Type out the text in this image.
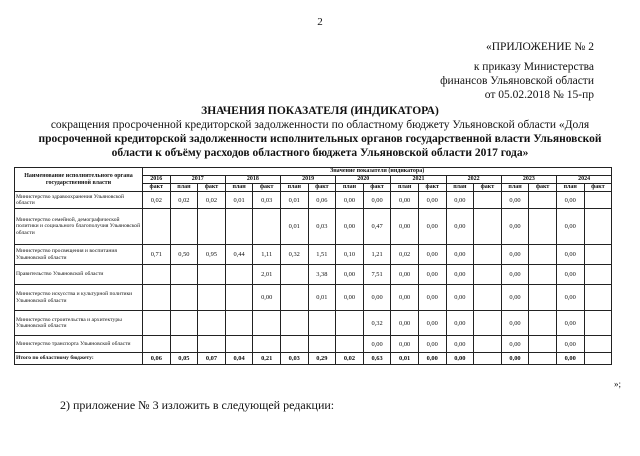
2
«ПРИЛОЖЕНИЕ № 2
к приказу Министерства
финансов Ульяновской области
от 05.02.2018 № 15-пр
ЗНАЧЕНИЯ ПОКАЗАТЕЛЯ (ИНДИКАТОРА)
сокращения просроченной кредиторской задолженности по областному бюджету Ульяновской области «Доля
просроченной кредиторской задолженности исполнительных органов государственной власти Ульяновской
области к объёму расходов областного бюджета Ульяновской области 2017 года»
Наименование исполнительного органа государственной власти	Значение показателя (индикатора)																
	2016	2017		2018		2019		2020		2021		2022		2023		2024	
	факт	план	факт	план	факт	план	факт	план	факт	план	факт	план	факт	план	факт	план	факт
Министерство здравоохранения Ульяновской области	0,02	0,02	0,02	0,01	0,03	0,01	0,06	0,00	0,00	0,00	0,00	0,00		0,00		0,00	
Министерство семейной, демографической политики и социального благополучия Ульяновской области						0,01	0,03	0,00	0,47	0,00	0,00	0,00		0,00		0,00	
Министерство просвещения и воспитания Ульяновской области	0,71	0,50	0,95	0,44	1,11	0,32	1,51	0,10	1,21	0,02	0,00	0,00		0,00		0,00	
Правительство Ульяновской области					2,01		3,38	0,00	7,51	0,00	0,00	0,00		0,00		0,00	
Министерство искусства и культурной политики Ульяновской области					0,00		0,01	0,00	0,00	0,00	0,00	0,00		0,00		0,00	
Министерство строительства и архитектуры Ульяновской области									0,32	0,00	0,00	0,00		0,00		0,00	
Министерство транспорта Ульяновской области									0,00	0,00	0,00	0,00		0,00		0,00	
Итого по областному бюджету:	0,06	0,05	0,07	0,04	0,21	0,03	0,29	0,02	0,63	0,01	0,00	0,00		0,00		0,00	
»;
2) приложение № 3 изложить в следующей редакции:
